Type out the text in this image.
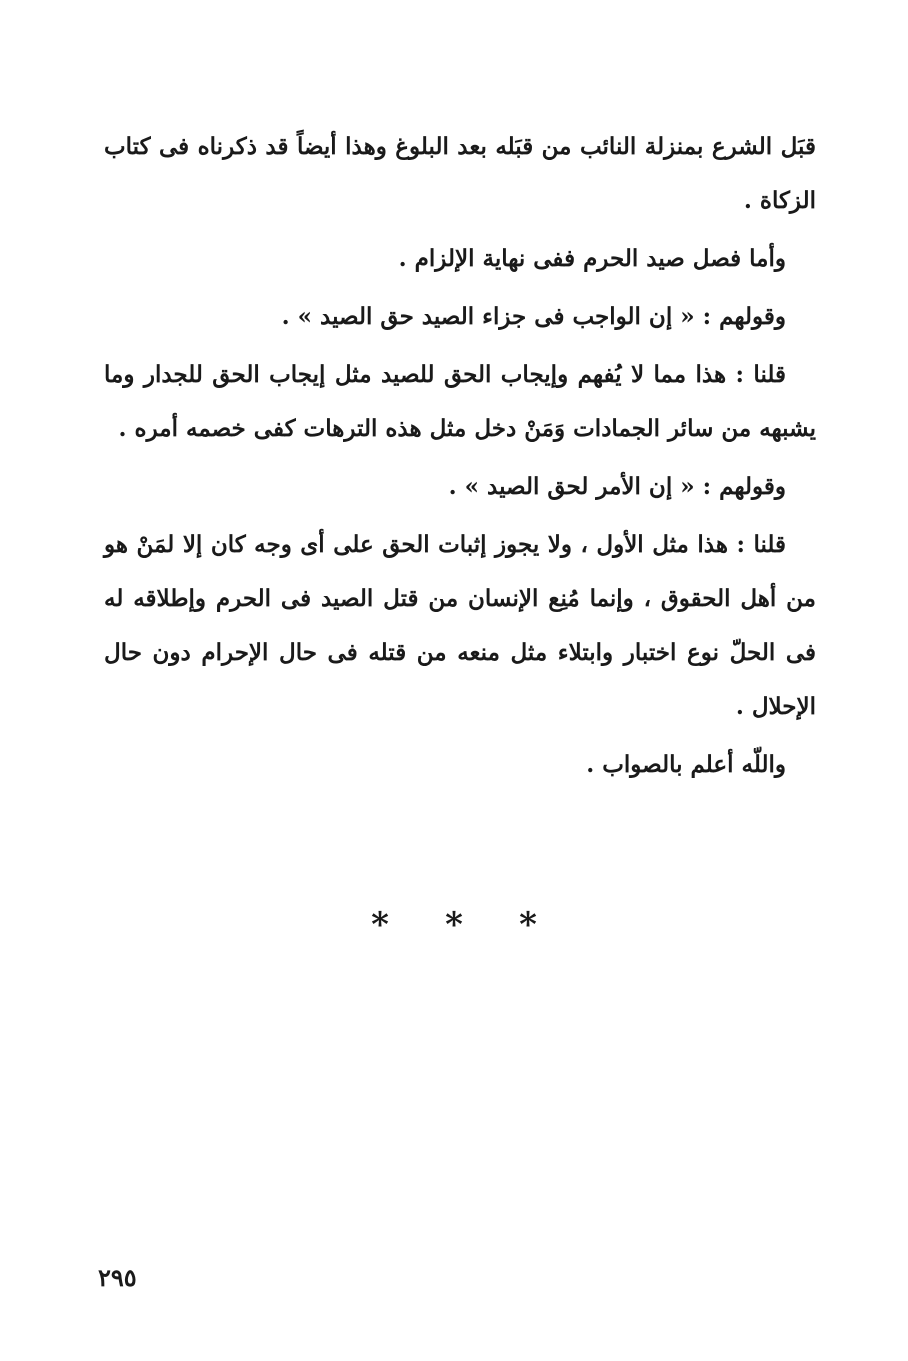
قبَل الشرع بمنزلة النائب من قبَله بعد البلوغ وهذا أيضاً قد ذكرناه فى كتاب الزكاة .

وأما فصل صيد الحرم ففى نهاية الإلزام .

وقولهم : « إن الواجب فى جزاء الصيد حق الصيد » .

قلنا : هذا مما لا يُفهم وإيجاب الحق للصيد مثل إيجاب الحق للجدار وما يشبهه من سائر الجمادات وَمَنْ دخل مثل هذه الترهات كفى خصمه أمره .

وقولهم : « إن الأمر لحق الصيد » .

قلنا : هذا مثل الأول ، ولا يجوز إثبات الحق على أى وجه كان إلا لمَنْ هو من أهل الحقوق ، وإنما مُنِع الإنسان من قتل الصيد فى الحرم وإطلاقه له فى الحلّ نوع اختبار وابتلاء مثل منعه من قتله فى حال الإحرام دون حال الإحلال .

واللّه أعلم بالصواب .

* * *
٢٩٥
